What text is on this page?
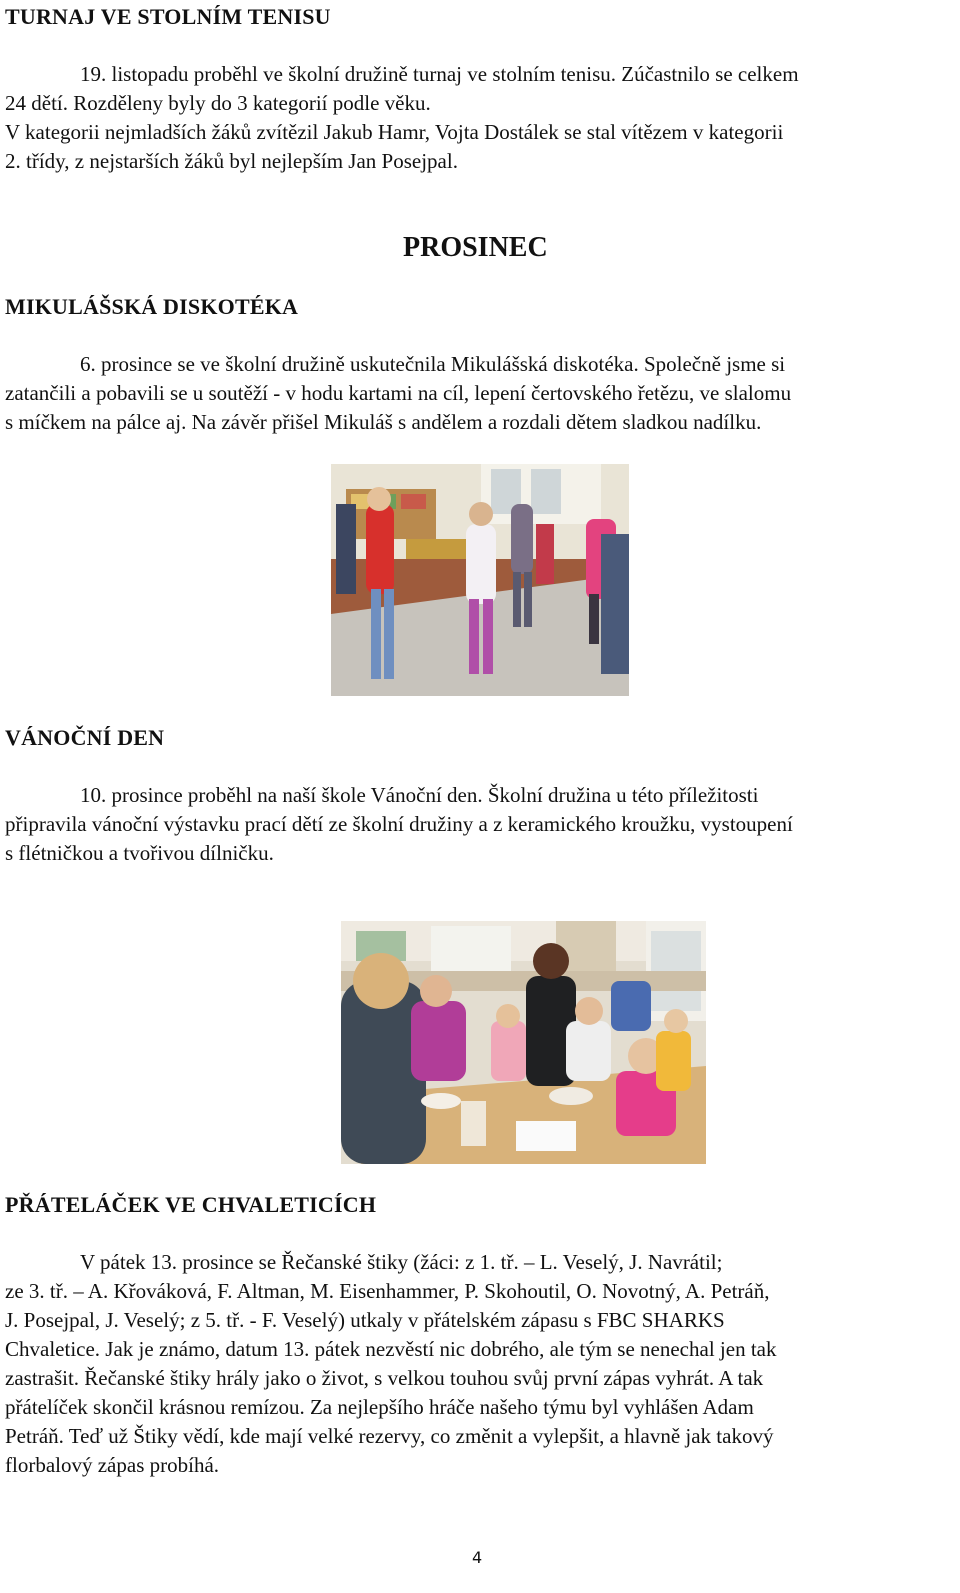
TURNAJ VE STOLNÍM TENISU
19. listopadu proběhl ve školní družině turnaj ve stolním tenisu. Zúčastnilo se celkem
24 dětí. Rozděleny byly do 3 kategorií podle věku.
V kategorii nejmladších žáků zvítězil Jakub Hamr, Vojta Dostálek se stal vítězem v kategorii
2. třídy, z nejstarších žáků byl nejlepším Jan Posejpal.
PROSINEC
MIKULÁŠSKÁ DISKOTÉKA
6. prosince se ve školní družině uskutečnila Mikulášská diskotéka. Společně jsme si
zatančili a pobavili se u soutěží - v hodu kartami na cíl, lepení čertovského řetězu, ve slalomu
s míčkem na pálce aj. Na závěr přišel Mikuláš s andělem a rozdali dětem sladkou nadílku.
VÁNOČNÍ DEN
10. prosince proběhl na naší škole Vánoční den. Školní družina u této příležitosti
připravila vánoční výstavku prací dětí ze školní družiny a z keramického kroužku, vystoupení
s flétničkou a tvořivou dílničku.
PŘÁTELÁČEK VE CHVALETICÍCH
V pátek 13. prosince se Řečanské štiky (žáci: z 1. tř. – L. Veselý, J. Navrátil;
ze 3. tř. – A. Křováková, F. Altman, M. Eisenhammer, P. Skohoutil, O. Novotný, A. Petráň,
J. Posejpal, J. Veselý; z 5. tř. - F. Veselý) utkaly v přátelském zápasu s FBC SHARKS
Chvaletice. Jak je známo, datum 13. pátek nezvěstí nic dobrého, ale tým se nenechal jen tak
zastrašit. Řečanské štiky hrály jako o život, s velkou touhou svůj první zápas vyhrát. A tak
přátelíček skončil krásnou remízou. Za nejlepšího hráče našeho týmu byl vyhlášen Adam
Petráň. Teď už Štiky vědí, kde mají velké rezervy, co změnit a vylepšit, a hlavně jak takový
florbalový zápas probíhá.
4
